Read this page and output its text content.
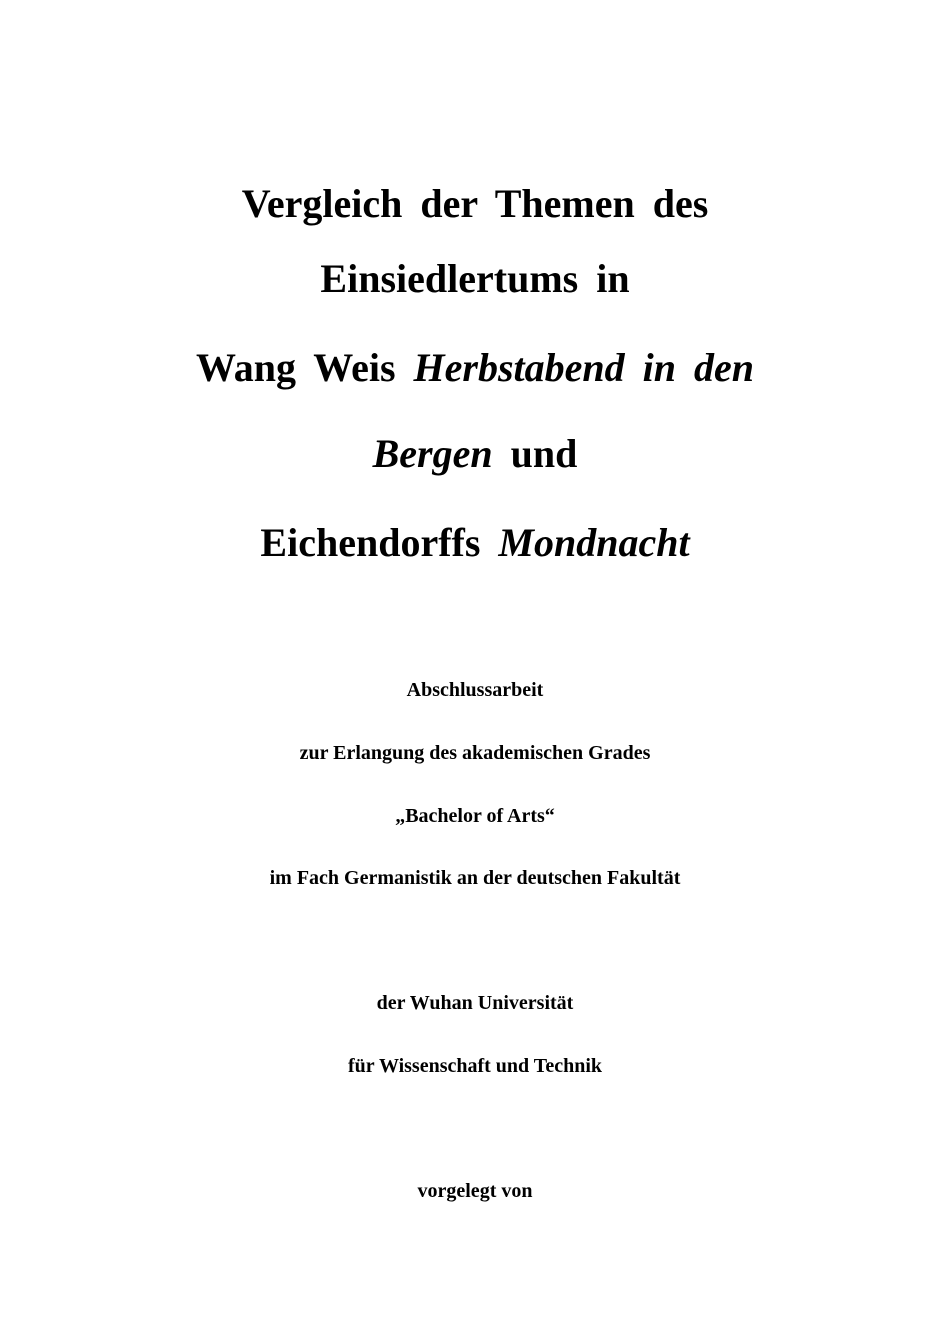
Vergleich der Themen des
Einsiedlertums in
Wang Weis Herbstabend in den
Bergen und
Eichendorffs Mondnacht
Abschlussarbeit
zur Erlangung des akademischen Grades
„Bachelor of Arts“
im Fach Germanistik an der deutschen Fakultät
der Wuhan Universität
für Wissenschaft und Technik
vorgelegt von
